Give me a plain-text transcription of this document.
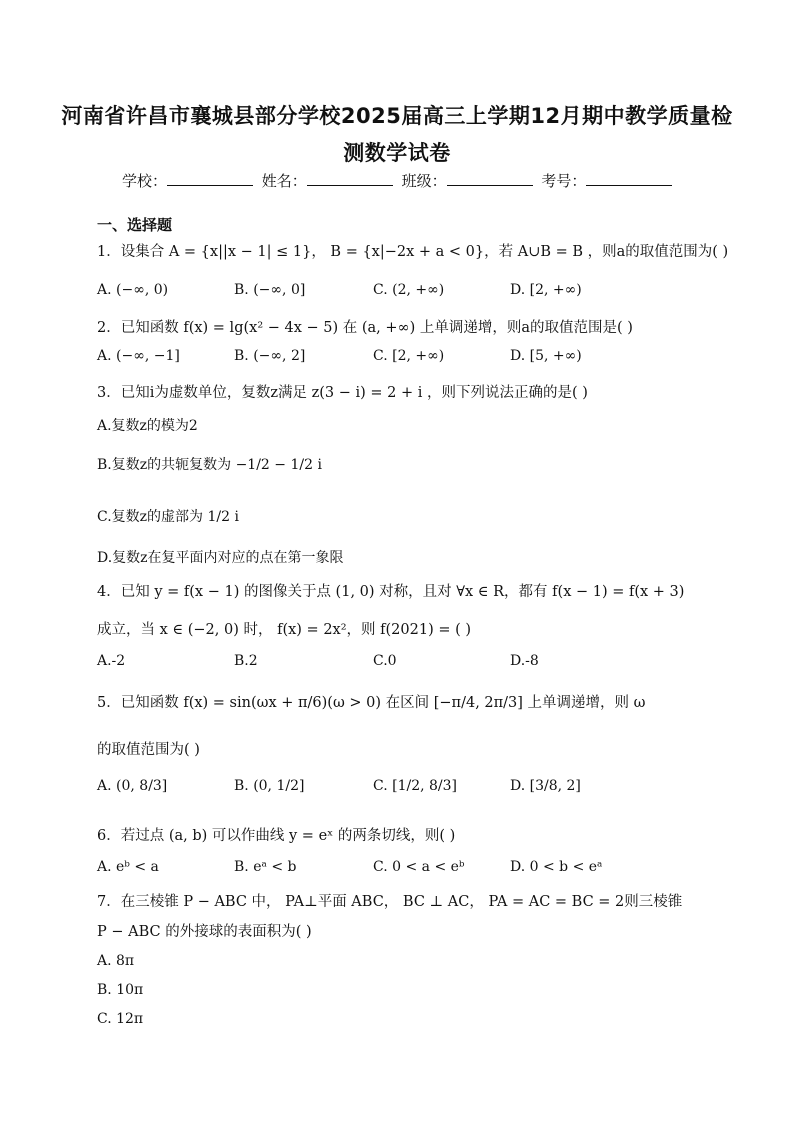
河南省许昌市襄城县部分学校2025届高三上学期12月期中教学质量检
测数学试卷
学校：	姓名：	班级：	考号：
一、选择题
1．设集合 A = {x||x − 1| ≤ 1}， B = {x|−2x + a < 0}，若 A∪B = B ，则a的取值范围为( )
A. (−∞, 0)	B. (−∞, 0]	C. (2, +∞)	D. [2, +∞)
2．已知函数 f(x) = lg(x² − 4x − 5) 在 (a, +∞) 上单调递增，则a的取值范围是( )
A. (−∞, −1]	B. (−∞, 2]	C. [2, +∞)	D. [5, +∞)
3．已知i为虚数单位，复数z满足 z(3 − i) = 2 + i ，则下列说法正确的是( )
A.复数z的模为2
B.复数z的共轭复数为 −1/2 − 1/2 i
C.复数z的虚部为 1/2 i
D.复数z在复平面内对应的点在第一象限
4．已知 y = f(x − 1) 的图像关于点 (1, 0) 对称，且对 ∀x ∈ R，都有 f(x − 1) = f(x + 3)
成立，当 x ∈ (−2, 0) 时， f(x) = 2x²，则 f(2021) = ( )
A.-2	B.2	C.0	D.-8
5．已知函数 f(x) = sin(ωx + π/6)(ω > 0) 在区间 [−π/4, 2π/3] 上单调递增，则 ω
的取值范围为( )
A. (0, 8/3]	B. (0, 1/2]	C. [1/2, 8/3]	D. [3/8, 2]
6．若过点 (a, b) 可以作曲线 y = eˣ 的两条切线，则( )
A. eᵇ < a	B. eᵃ < b	C. 0 < a < eᵇ	D. 0 < b < eᵃ
7．在三棱锥 P − ABC 中， PA⊥平面 ABC， BC ⊥ AC， PA = AC = BC = 2则三棱锥
P − ABC 的外接球的表面积为( )
A. 8π
B. 10π
C. 12π
